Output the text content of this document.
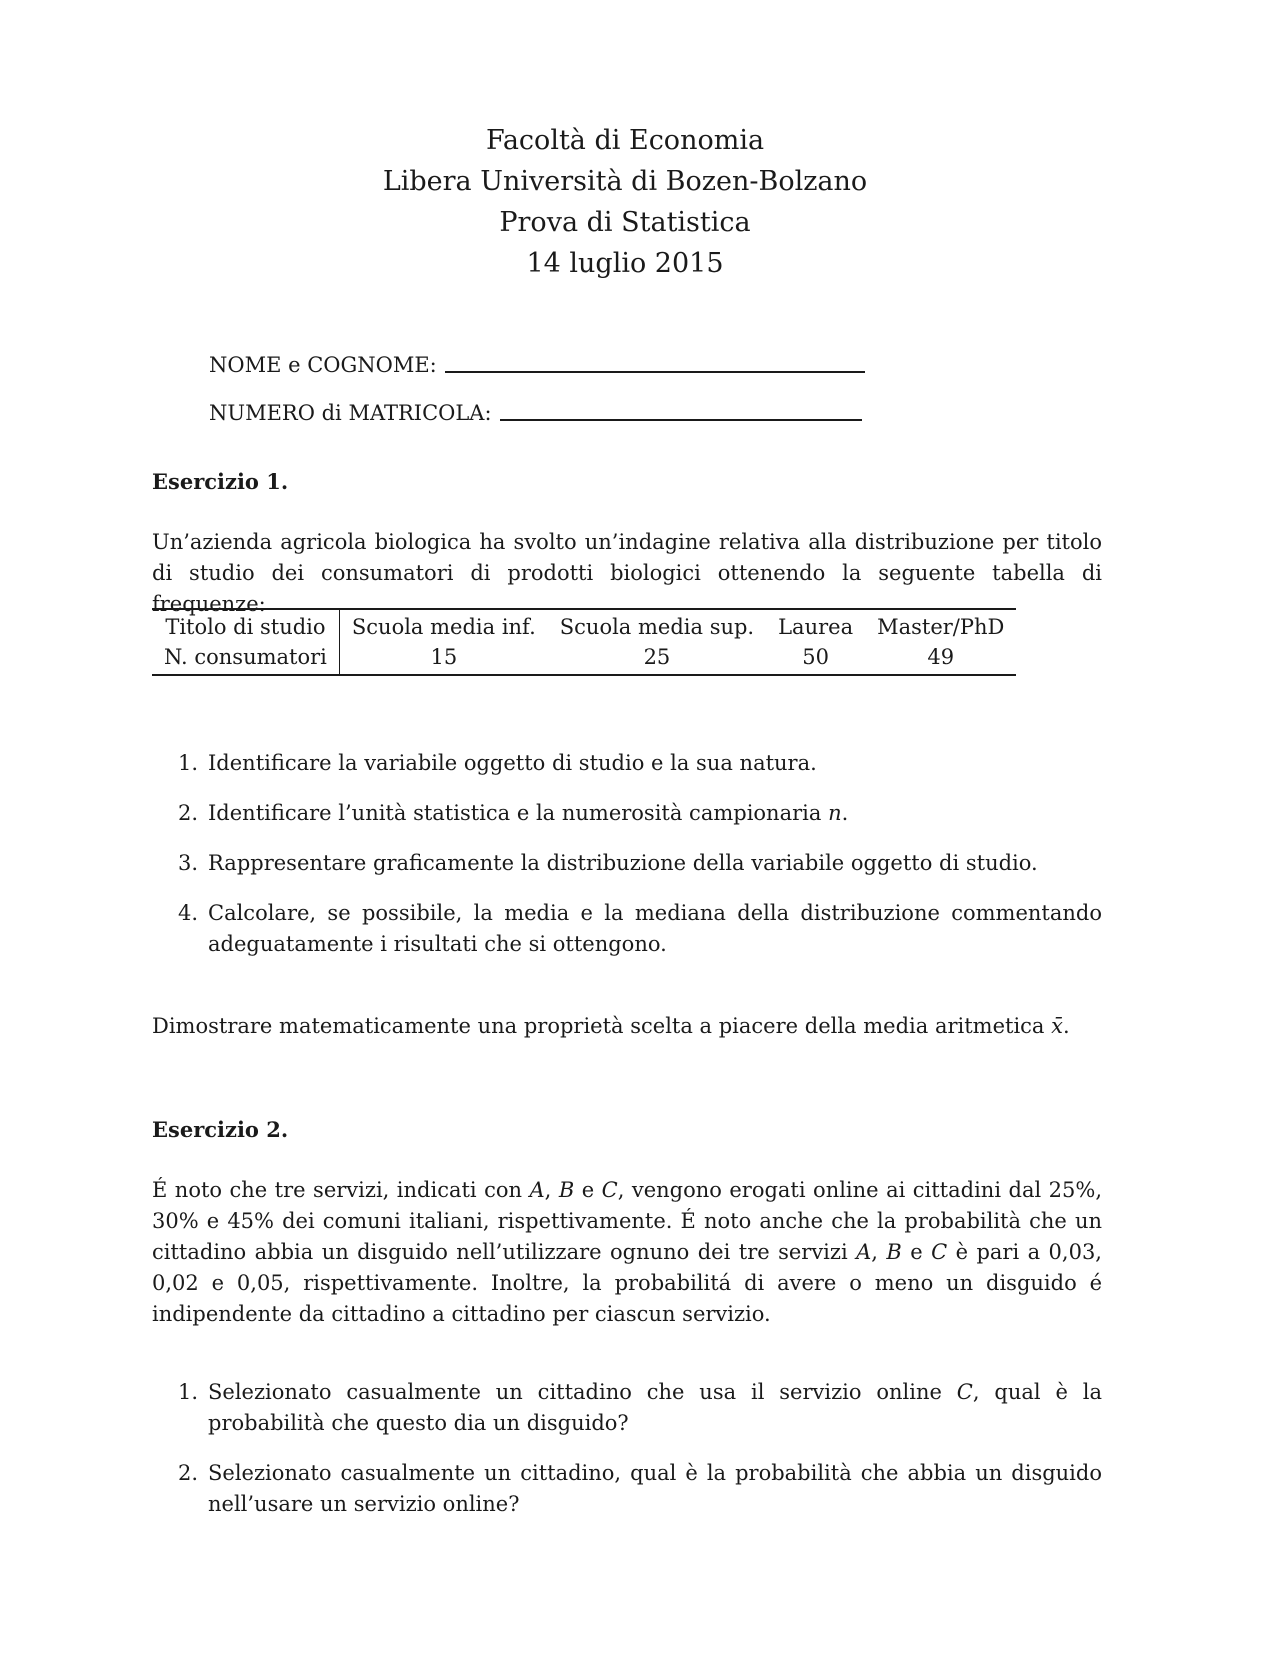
Facoltà di Economia
Libera Università di Bozen-Bolzano
Prova di Statistica
14 luglio 2015
NOME e COGNOME:
NUMERO di MATRICOLA:
Esercizio 1.
Un’azienda agricola biologica ha svolto un’indagine relativa alla distribuzione per titolo di studio dei consumatori di prodotti biologici ottenendo la seguente tabella di frequenze:
Titolo di studio	Scuola media inf.	Scuola media sup.	Laurea	Master/PhD
N. consumatori	15	25	50	49
1. Identificare la variabile oggetto di studio e la sua natura.
2. Identificare l’unità statistica e la numerosità campionaria n.
3. Rappresentare graficamente la distribuzione della variabile oggetto di studio.
4. Calcolare, se possibile, la media e la mediana della distribuzione commentando adeguatamente i risultati che si ottengono.
Dimostrare matematicamente una proprietà scelta a piacere della media aritmetica x̄.
Esercizio 2.
É noto che tre servizi, indicati con A, B e C, vengono erogati online ai cittadini dal 25%, 30% e 45% dei comuni italiani, rispettivamente. É noto anche che la probabilità che un cittadino abbia un disguido nell’utilizzare ognuno dei tre servizi A, B e C è pari a 0,03, 0,02 e 0,05, rispettivamente. Inoltre, la probabilitá di avere o meno un disguido é indipendente da cittadino a cittadino per ciascun servizio.
1. Selezionato casualmente un cittadino che usa il servizio online C, qual è la probabilità che questo dia un disguido?
2. Selezionato casualmente un cittadino, qual è la probabilità che abbia un disguido nell’usare un servizio online?
